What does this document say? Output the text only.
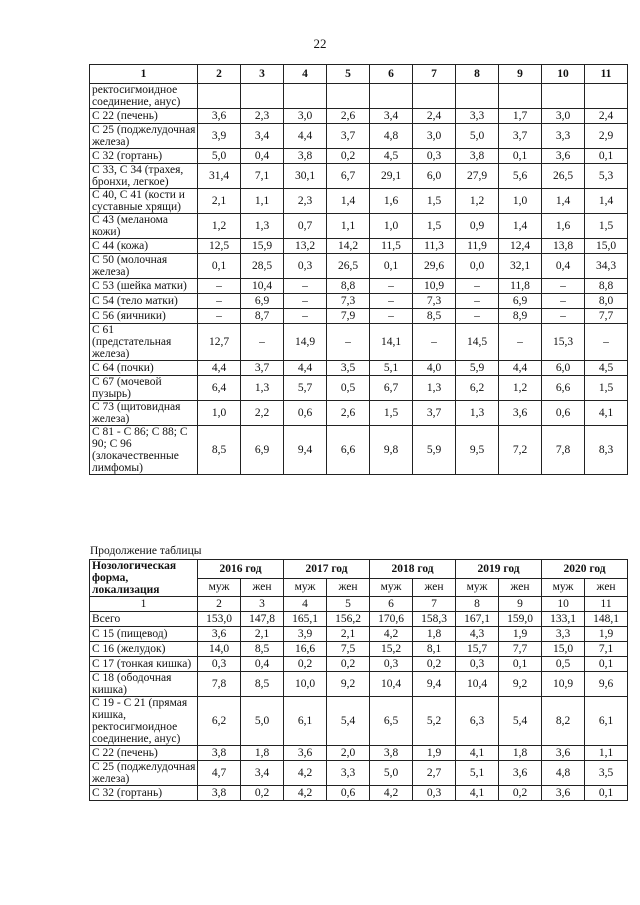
22
1	2	3	4	5	6	7	8	9	10	11
ректосигмоидное соединение, анус)										
С 22 (печень)	3,6	2,3	3,0	2,6	3,4	2,4	3,3	1,7	3,0	2,4
С 25 (поджелудочная железа)	3,9	3,4	4,4	3,7	4,8	3,0	5,0	3,7	3,3	2,9
С 32 (гортань)	5,0	0,4	3,8	0,2	4,5	0,3	3,8	0,1	3,6	0,1
С 33, С 34 (трахея, бронхи, легкое)	31,4	7,1	30,1	6,7	29,1	6,0	27,9	5,6	26,5	5,3
С 40, С 41 (кости и суставные хрящи)	2,1	1,1	2,3	1,4	1,6	1,5	1,2	1,0	1,4	1,4
С 43 (меланома кожи)	1,2	1,3	0,7	1,1	1,0	1,5	0,9	1,4	1,6	1,5
С 44 (кожа)	12,5	15,9	13,2	14,2	11,5	11,3	11,9	12,4	13,8	15,0
С 50 (молочная железа)	0,1	28,5	0,3	26,5	0,1	29,6	0,0	32,1	0,4	34,3
С 53 (шейка матки)	–	10,4	–	8,8	–	10,9	–	11,8	–	8,8
С 54 (тело матки)	–	6,9	–	7,3	–	7,3	–	6,9	–	8,0
С 56 (яичники)	–	8,7	–	7,9	–	8,5	–	8,9	–	7,7
С 61 (предстательная железа)	12,7	–	14,9	–	14,1	–	14,5	–	15,3	–
С 64 (почки)	4,4	3,7	4,4	3,5	5,1	4,0	5,9	4,4	6,0	4,5
С 67 (мочевой пузырь)	6,4	1,3	5,7	0,5	6,7	1,3	6,2	1,2	6,6	1,5
С 73 (щитовидная железа)	1,0	2,2	0,6	2,6	1,5	3,7	1,3	3,6	0,6	4,1
С 81 - С 86; С 88; С 90; С 96 (злокачественные лимфомы)	8,5	6,9	9,4	6,6	9,8	5,9	9,5	7,2	7,8	8,3
Продолжение таблицы
Нозологическая форма, локализация	2016 год		2017 год		2018 год		2019 год		2020 год	
	муж	жен	муж	жен	муж	жен	муж	жен	муж	жен
1	2	3	4	5	6	7	8	9	10	11
Всего	153,0	147,8	165,1	156,2	170,6	158,3	167,1	159,0	133,1	148,1
С 15 (пищевод)	3,6	2,1	3,9	2,1	4,2	1,8	4,3	1,9	3,3	1,9
С 16 (желудок)	14,0	8,5	16,6	7,5	15,2	8,1	15,7	7,7	15,0	7,1
С 17 (тонкая кишка)	0,3	0,4	0,2	0,2	0,3	0,2	0,3	0,1	0,5	0,1
С 18 (ободочная кишка)	7,8	8,5	10,0	9,2	10,4	9,4	10,4	9,2	10,9	9,6
С 19 - С 21 (прямая кишка, ректосигмоидное соединение, анус)	6,2	5,0	6,1	5,4	6,5	5,2	6,3	5,4	8,2	6,1
С 22 (печень)	3,8	1,8	3,6	2,0	3,8	1,9	4,1	1,8	3,6	1,1
С 25 (поджелудочная железа)	4,7	3,4	4,2	3,3	5,0	2,7	5,1	3,6	4,8	3,5
С 32 (гортань)	3,8	0,2	4,2	0,6	4,2	0,3	4,1	0,2	3,6	0,1
